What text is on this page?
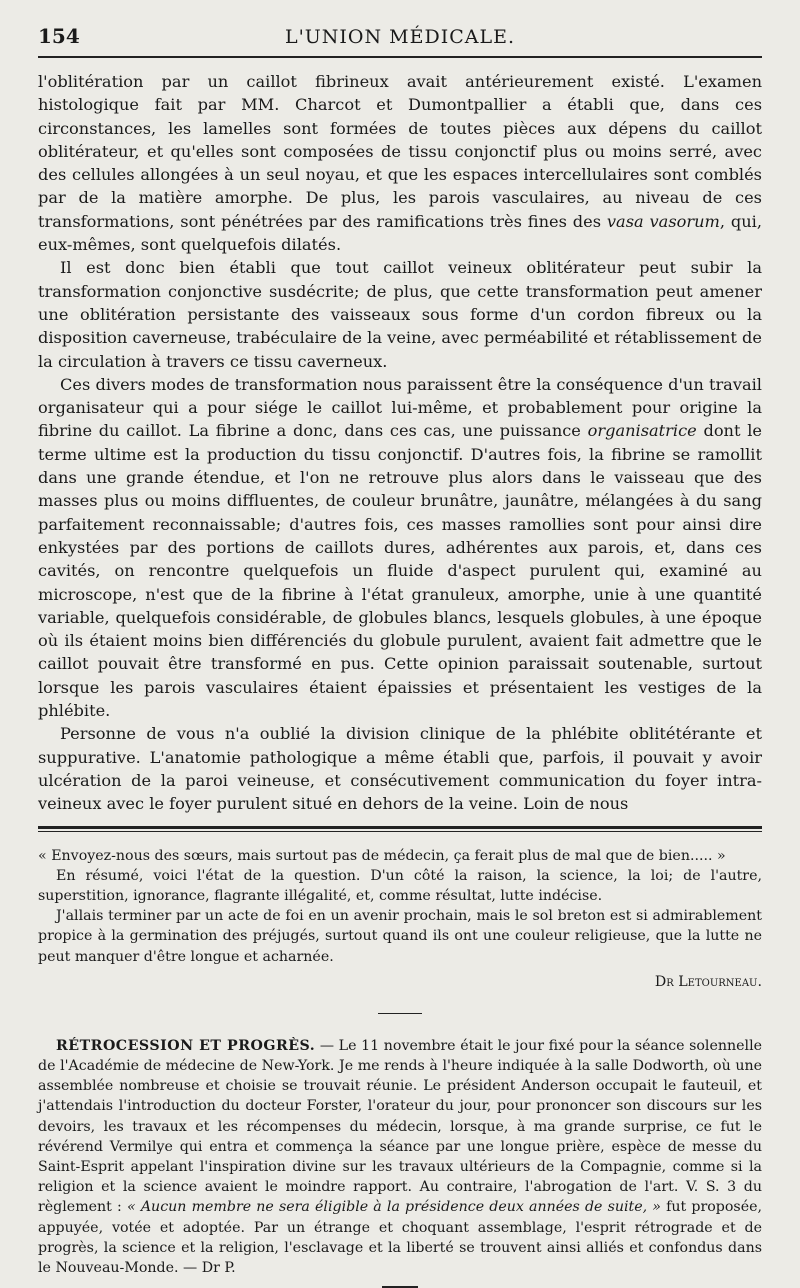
154	L'UNION MÉDICALE.

l'oblitération par un caillot fibrineux avait antérieurement existé. L'examen histologique fait par MM. Charcot et Dumontpallier a établi que, dans ces circonstances, les lamelles sont formées de toutes pièces aux dépens du caillot oblitérateur, et qu'elles sont composées de tissu conjonctif plus ou moins serré, avec des cellules allongées à un seul noyau, et que les espaces intercellulaires sont comblés par de la matière amorphe. De plus, les parois vasculaires, au niveau de ces transformations, sont pénétrées par des ramifications très fines des vasa vasorum, qui, eux-mêmes, sont quelquefois dilatés.

Il est donc bien établi que tout caillot veineux oblitérateur peut subir la transformation conjonctive susdécrite; de plus, que cette transformation peut amener une oblitération persistante des vaisseaux sous forme d'un cordon fibreux ou la disposition caverneuse, trabéculaire de la veine, avec perméabilité et rétablissement de la circulation à travers ce tissu caverneux.

Ces divers modes de transformation nous paraissent être la conséquence d'un travail organisateur qui a pour siége le caillot lui-même, et probablement pour origine la fibrine du caillot. La fibrine a donc, dans ces cas, une puissance organisatrice dont le terme ultime est la production du tissu conjonctif. D'autres fois, la fibrine se ramollit dans une grande étendue, et l'on ne retrouve plus alors dans le vaisseau que des masses plus ou moins diffluentes, de couleur brunâtre, jaunâtre, mélangées à du sang parfaitement reconnaissable; d'autres fois, ces masses ramollies sont pour ainsi dire enkystées par des portions de caillots dures, adhérentes aux parois, et, dans ces cavités, on rencontre quelquefois un fluide d'aspect purulent qui, examiné au microscope, n'est que de la fibrine à l'état granuleux, amorphe, unie à une quantité variable, quelquefois considérable, de globules blancs, lesquels globules, à une époque où ils étaient moins bien différenciés du globule purulent, avaient fait admettre que le caillot pouvait être transformé en pus. Cette opinion paraissait soutenable, surtout lorsque les parois vasculaires étaient épaissies et présentaient les vestiges de la phlébite.

Personne de vous n'a oublié la division clinique de la phlébite oblitétérante et suppurative. L'anatomie pathologique a même établi que, parfois, il pouvait y avoir ulcération de la paroi veineuse, et consécutivement communication du foyer intra-veineux avec le foyer purulent situé en dehors de la veine. Loin de nous

« Envoyez-nous des sœurs, mais surtout pas de médecin, ça ferait plus de mal que de bien..... »

En résumé, voici l'état de la question. D'un côté la raison, la science, la loi; de l'autre, superstition, ignorance, flagrante illégalité, et, comme résultat, lutte indécise.

J'allais terminer par un acte de foi en un avenir prochain, mais le sol breton est si admirablement propice à la germination des préjugés, surtout quand ils ont une couleur religieuse, que la lutte ne peut manquer d'être longue et acharnée.

Dr Letourneau.

RÉTROCESSION ET PROGRÈS. — Le 11 novembre était le jour fixé pour la séance solennelle de l'Académie de médecine de New-York. Je me rends à l'heure indiquée à la salle Dodworth, où une assemblée nombreuse et choisie se trouvait réunie. Le président Anderson occupait le fauteuil, et j'attendais l'introduction du docteur Forster, l'orateur du jour, pour prononcer son discours sur les devoirs, les travaux et les récompenses du médecin, lorsque, à ma grande surprise, ce fut le révérend Vermilye qui entra et commença la séance par une longue prière, espèce de messe du Saint-Esprit appelant l'inspiration divine sur les travaux ultérieurs de la Compagnie, comme si la religion et la science avaient le moindre rapport. Au contraire, l'abrogation de l'art. V. S. 3 du règlement : « Aucun membre ne sera éligible à la présidence deux années de suite, » fut proposée, appuyée, votée et adoptée. Par un étrange et choquant assemblage, l'esprit rétrograde et de progrès, la science et la religion, l'esclavage et la liberté se trouvent ainsi alliés et confondus dans le Nouveau-Monde. — Dr P.
